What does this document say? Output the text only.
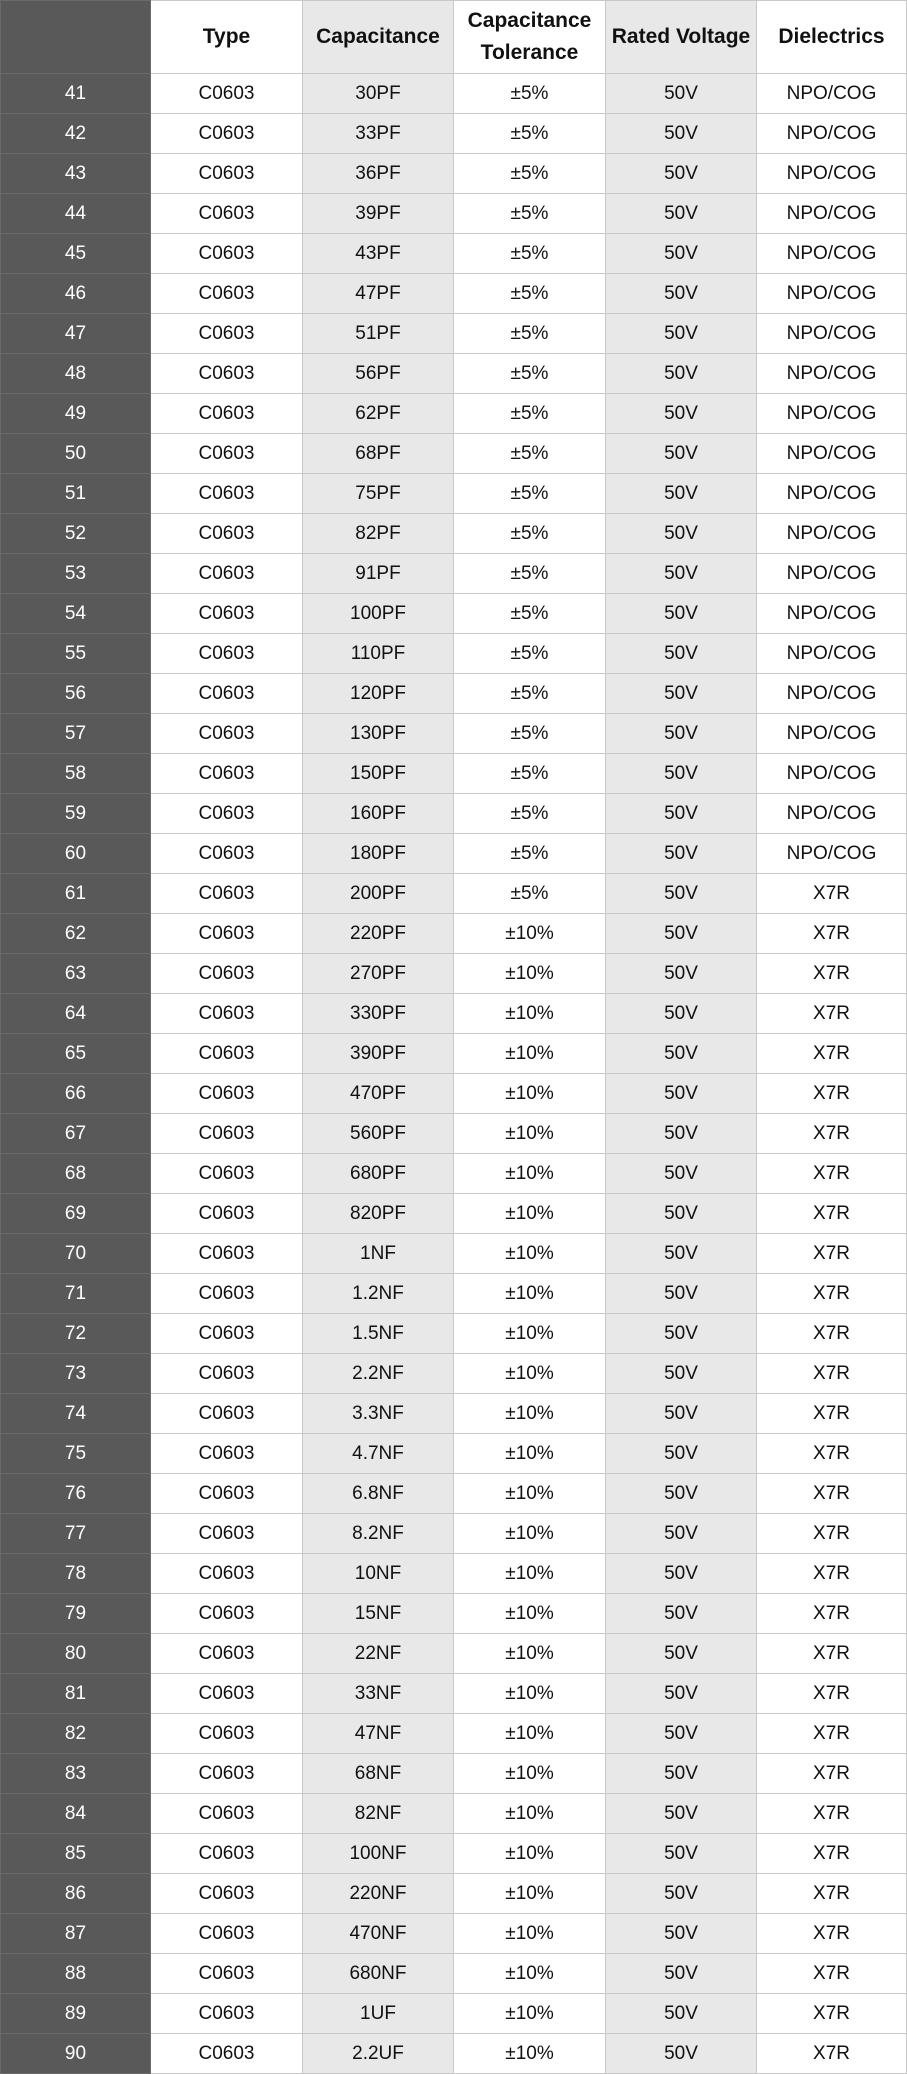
	Type	Capacitance	Capacitance Tolerance	Rated Voltage	Dielectrics
41	C0603	30PF	±5%	50V	NPO/COG
42	C0603	33PF	±5%	50V	NPO/COG
43	C0603	36PF	±5%	50V	NPO/COG
44	C0603	39PF	±5%	50V	NPO/COG
45	C0603	43PF	±5%	50V	NPO/COG
46	C0603	47PF	±5%	50V	NPO/COG
47	C0603	51PF	±5%	50V	NPO/COG
48	C0603	56PF	±5%	50V	NPO/COG
49	C0603	62PF	±5%	50V	NPO/COG
50	C0603	68PF	±5%	50V	NPO/COG
51	C0603	75PF	±5%	50V	NPO/COG
52	C0603	82PF	±5%	50V	NPO/COG
53	C0603	91PF	±5%	50V	NPO/COG
54	C0603	100PF	±5%	50V	NPO/COG
55	C0603	110PF	±5%	50V	NPO/COG
56	C0603	120PF	±5%	50V	NPO/COG
57	C0603	130PF	±5%	50V	NPO/COG
58	C0603	150PF	±5%	50V	NPO/COG
59	C0603	160PF	±5%	50V	NPO/COG
60	C0603	180PF	±5%	50V	NPO/COG
61	C0603	200PF	±5%	50V	X7R
62	C0603	220PF	±10%	50V	X7R
63	C0603	270PF	±10%	50V	X7R
64	C0603	330PF	±10%	50V	X7R
65	C0603	390PF	±10%	50V	X7R
66	C0603	470PF	±10%	50V	X7R
67	C0603	560PF	±10%	50V	X7R
68	C0603	680PF	±10%	50V	X7R
69	C0603	820PF	±10%	50V	X7R
70	C0603	1NF	±10%	50V	X7R
71	C0603	1.2NF	±10%	50V	X7R
72	C0603	1.5NF	±10%	50V	X7R
73	C0603	2.2NF	±10%	50V	X7R
74	C0603	3.3NF	±10%	50V	X7R
75	C0603	4.7NF	±10%	50V	X7R
76	C0603	6.8NF	±10%	50V	X7R
77	C0603	8.2NF	±10%	50V	X7R
78	C0603	10NF	±10%	50V	X7R
79	C0603	15NF	±10%	50V	X7R
80	C0603	22NF	±10%	50V	X7R
81	C0603	33NF	±10%	50V	X7R
82	C0603	47NF	±10%	50V	X7R
83	C0603	68NF	±10%	50V	X7R
84	C0603	82NF	±10%	50V	X7R
85	C0603	100NF	±10%	50V	X7R
86	C0603	220NF	±10%	50V	X7R
87	C0603	470NF	±10%	50V	X7R
88	C0603	680NF	±10%	50V	X7R
89	C0603	1UF	±10%	50V	X7R
90	C0603	2.2UF	±10%	50V	X7R
